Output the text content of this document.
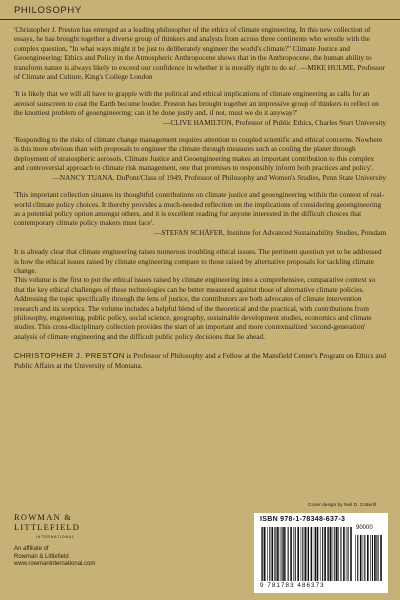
PHILOSOPHY

'Christopher J. Preston has emerged as a leading philosopher of the ethics of climate engineering. In this new collection of essays, he has brought together a diverse group of thinkers and analysts from across three continents who wrestle with the complex question, "In what ways might it be just to deliberately engineer the world's climate?" Climate Justice and Geoengineering: Ethics and Policy in the Atmospheric Anthropocene shows that in the Anthropocene, the human ability to transform nature is always likely to exceed our confidence in whether it is morally right to do so'. —MIKE HULME, Professor of Climate and Culture, King's College London

'It is likely that we will all have to grapple with the political and ethical implications of climate engineering as calls for an aerosol sunscreen to coat the Earth become louder. Preston has brought together an impressive group of thinkers to reflect on the knottiest problem of geoengineering: can it be done justly and, if not, must we do it anyway?'

—CLIVE HAMILTON, Professor of Public Ethics, Charles Sturt University

'Responding to the risks of climate change management requires attention to coupled scientific and ethical concerns. Nowhere is this more obvious than with proposals to engineer the climate through measures such as cooling the planet through deployment of stratospheric aerosols. Climate Justice and Geoengineering makes an important contribution to this complex and controversial approach to climate risk management, one that promises to responsibly inform both practices and policy'.

—NANCY TUANA, DuPont/Class of 1949, Professor of Philosophy and Women's Studies, Penn State University

'This important collection situates its thoughtful contributions on climate justice and geoengineering within the context of real-world climate policy choices. It thereby provides a much-needed reflection on the implications of considering geoengineering as a potential policy option amongst others, and it is excellent reading for anyone interested in the difficult choices that contemporary climate policy makers must face'.

—STEFAN SCHÄFER, Institute for Advanced Sustainability Studies, Potsdam

It is already clear that climate engineering raises numerous troubling ethical issues. The pertinent question yet to be addressed is how the ethical issues raised by climate engineering compare to those raised by alternative proposals for tackling climate change.

This volume is the first to put the ethical issues raised by climate engineering into a comprehensive, comparative context so that the key ethical challenges of these technologies can be better measured against those of alternative climate policies. Addressing the topic specifically through the lens of justice, the contributors are both advocates of climate intervention research and its sceptics. The volume includes a helpful blend of the theoretical and the practical, with contributions from philosophy, engineering, public policy, social science, geography, sustainable development studies, economics and climate studies. This cross-disciplinary collection provides the start of an important and more contextualized 'second-generation' analysis of climate engineering and the difficult public policy decisions that lie ahead.

CHRISTOPHER J. PRESTON is Professor of Philosophy and a Fellow at the Mansfield Center's Program on Ethics and Public Affairs at the University of Montana.

Cover design by Neil D. Cotterill
ROWMAN &
LITTLEFIELD
INTERNATIONAL
An affiliate of
Rowman & Littlefield
www.rowmaninternational.com
ISBN 978-1-78348-637-3
90000
9 781783 486373
